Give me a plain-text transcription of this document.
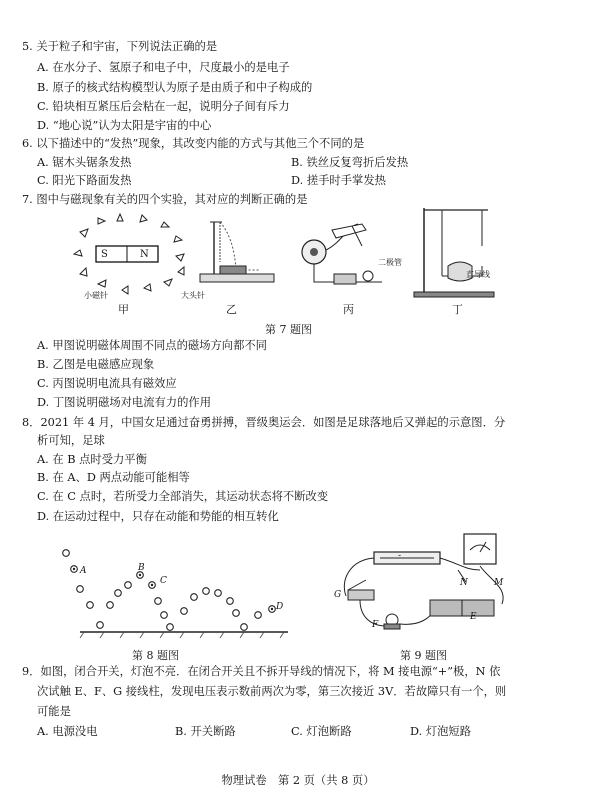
5. 关于粒子和宇宙，下列说法正确的是
A. 在水分子、氢原子和电子中，尺度最小的是电子
B. 原子的核式结构模型认为原子是由质子和中子构成的
C. 铅块相互紧压后会粘在一起，说明分子间有斥力
D. “地心说”认为太阳是宇宙的中心
6. 以下描述中的“发热”现象，其改变内能的方式与其他三个不同的是
A. 锯木头锯条发热	B. 铁丝反复弯折后发热
C. 阳光下路面发热	D. 搓手时手掌发热
7. 图中与磁现象有关的四个实验，其对应的判断正确的是
S	N
小磁针	大头针
二极管
直导线
甲	乙	丙	丁
第 7 题图
A. 甲图说明磁体周围不同点的磁场方向都不同
B. 乙图是电磁感应现象
C. 丙图说明电流具有磁效应
D. 丁图说明磁场对电流有力的作用
8．2021 年 4 月，中国女足通过奋勇拼搏，晋级奥运会．如图是足球落地后又弹起的示意图．分
析可知，足球
A. 在 B 点时受力平衡
B. 在 A、D 两点动能可能相等
C. 在 C 点时，若所受力全部消失，其运动状态将不断改变
D. 在运动过程中，只存在动能和势能的相互转化
A	B
C
D
第 8 题图
G
F
E
N	M
-
第 9 题图
9．如图，闭合开关，灯泡不亮．在闭合开关且不拆开导线的情况下，将 M 接电源“+”极，N 依
次试触 E、F、G 接线柱，发现电压表示数前两次为零，第三次接近 3V．若故障只有一个，则
可能是
A. 电源没电	B. 开关断路	C. 灯泡断路	D. 灯泡短路
物理试卷　第 2 页（共 8 页）
